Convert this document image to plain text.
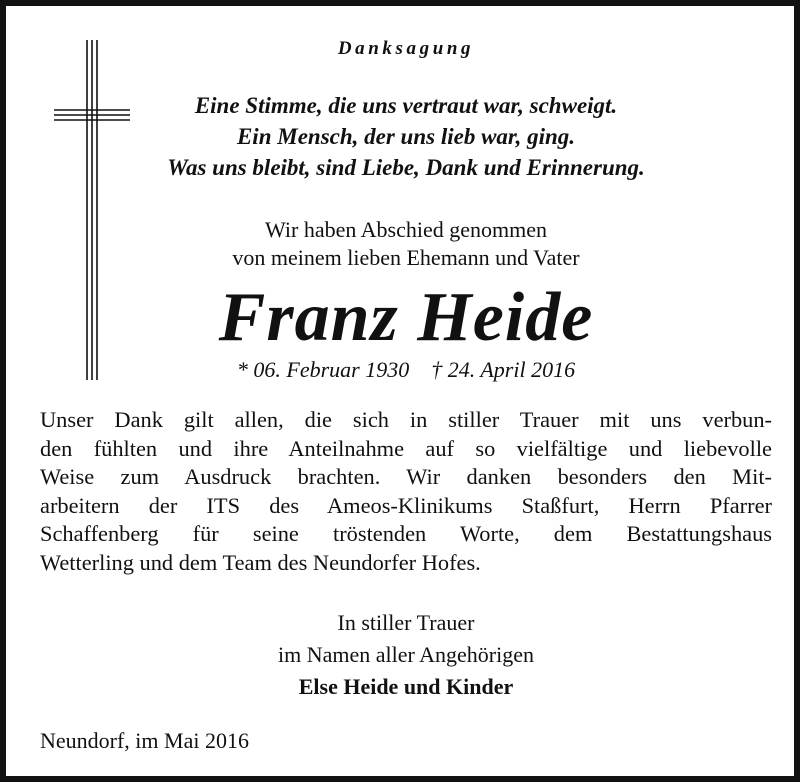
Danksagung
Eine Stimme, die uns vertraut war, schweigt.
Ein Mensch, der uns lieb war, ging.
Was uns bleibt, sind Liebe, Dank und Erinnerung.
Wir haben Abschied genommen
von meinem lieben Ehemann und Vater
Franz Heide
* 06. Februar 1930 † 24. April 2016
Unser Dank gilt allen, die sich in stiller Trauer mit uns verbun-
den fühlten und ihre Anteilnahme auf so vielfältige und liebevolle
Weise zum Ausdruck brachten. Wir danken besonders den Mit-
arbeitern der ITS des Ameos-Klinikums Staßfurt, Herrn Pfarrer
Schaffenberg für seine tröstenden Worte, dem Bestattungshaus
Wetterling und dem Team des Neundorfer Hofes.
In stiller Trauer
im Namen aller Angehörigen
Else Heide und Kinder
Neundorf, im Mai 2016
